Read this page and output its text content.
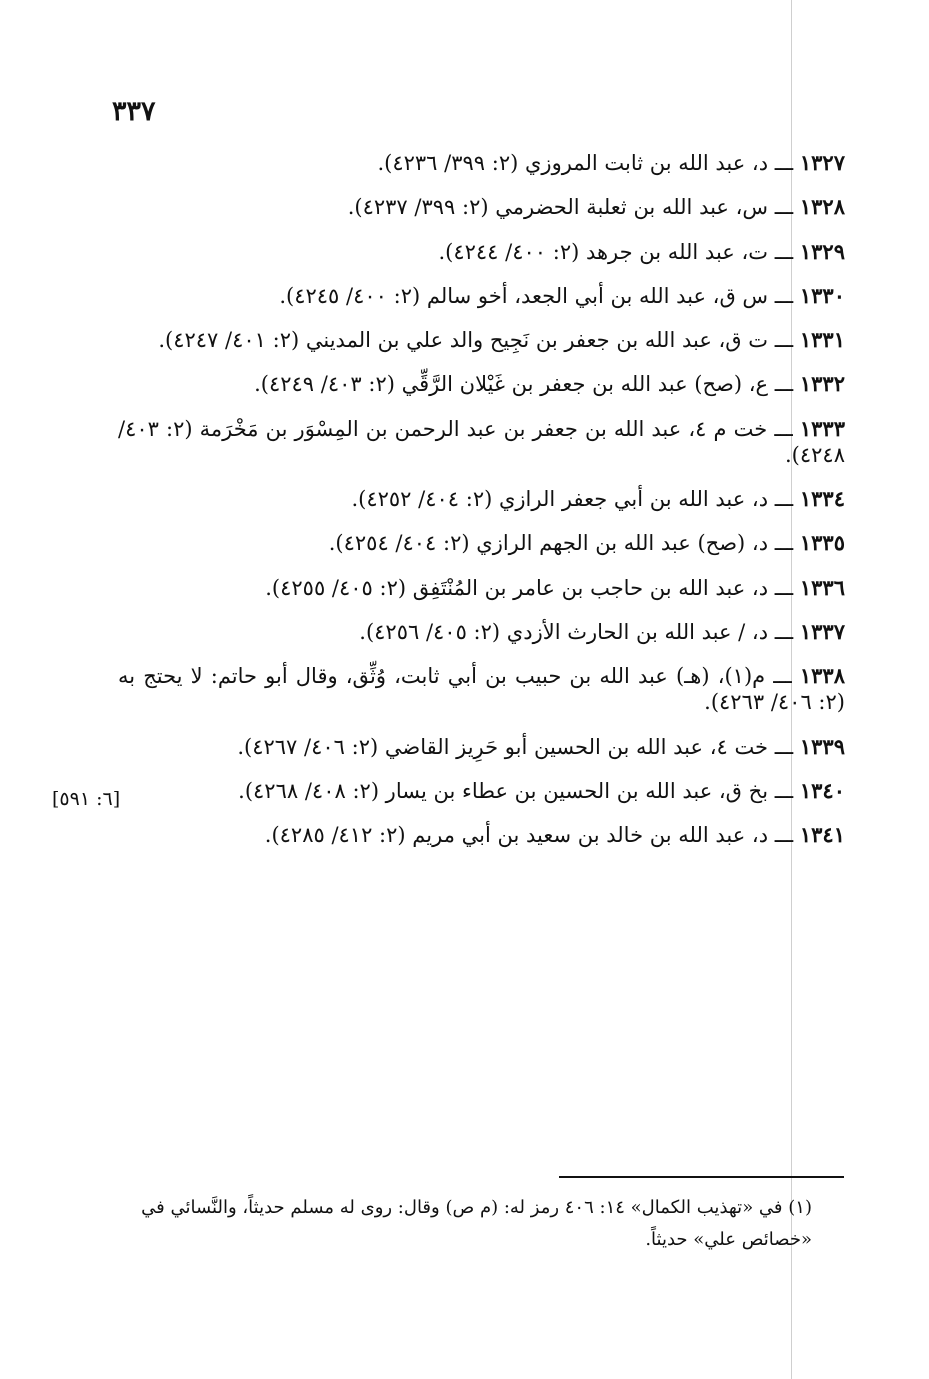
٣٣٧
[٦: ٥٩١]

١٣٢٧ ـــ د، عبد الله بن ثابت المروزي (٢: ٣٩٩/ ٤٢٣٦).

١٣٢٨ ـــ س، عبد الله بن ثعلبة الحضرمي (٢: ٣٩٩/ ٤٢٣٧).

١٣٢٩ ـــ ت، عبد الله بن جرهد (٢: ٤٠٠/ ٤٢٤٤).

١٣٣٠ ـــ س ق، عبد الله بن أبي الجعد، أخو سالم (٢: ٤٠٠/ ٤٢٤٥).

١٣٣١ ـــ ت ق، عبد الله بن جعفر بن نَجِيح والد علي بن المديني (٢: ٤٠١/ ٤٢٤٧).

١٣٣٢ ـــ ع، (صح) عبد الله بن جعفر بن غَيْلان الرَّقِّي (٢: ٤٠٣/ ٤٢٤٩).

١٣٣٣ ـــ خت م ٤، عبد الله بن جعفر بن عبد الرحمن بن المِسْوَر بن مَخْرَمة (٢: ٤٠٣/ ٤٢٤٨).

١٣٣٤ ـــ د، عبد الله بن أبي جعفر الرازي (٢: ٤٠٤/ ٤٢٥٢).

١٣٣٥ ـــ د، (صح) عبد الله بن الجهم الرازي (٢: ٤٠٤/ ٤٢٥٤).

١٣٣٦ ـــ د، عبد الله بن حاجب بن عامر بن المُنْتَفِق (٢: ٤٠٥/ ٤٢٥٥).

١٣٣٧ ـــ د، / عبد الله بن الحارث الأزدي (٢: ٤٠٥/ ٤٢٥٦).

١٣٣٨ ـــ م(١)، (هـ) عبد الله بن حبيب بن أبي ثابت، وُثِّق، وقال أبو حاتم: لا يحتج به (٢: ٤٠٦/ ٤٢٦٣).

١٣٣٩ ـــ خت ٤، عبد الله بن الحسين أبو حَرِيز القاضي (٢: ٤٠٦/ ٤٢٦٧).

١٣٤٠ ـــ بخ ق، عبد الله بن الحسين بن عطاء بن يسار (٢: ٤٠٨/ ٤٢٦٨).

١٣٤١ ـــ د، عبد الله بن خالد بن سعيد بن أبي مريم (٢: ٤١٢/ ٤٢٨٥).

(١) في «تهذيب الكمال» ١٤: ٤٠٦ رمز له: (م ص) وقال: روى له مسلم حديثاً، والنَّسائي في «خصائص علي» حديثاً.
